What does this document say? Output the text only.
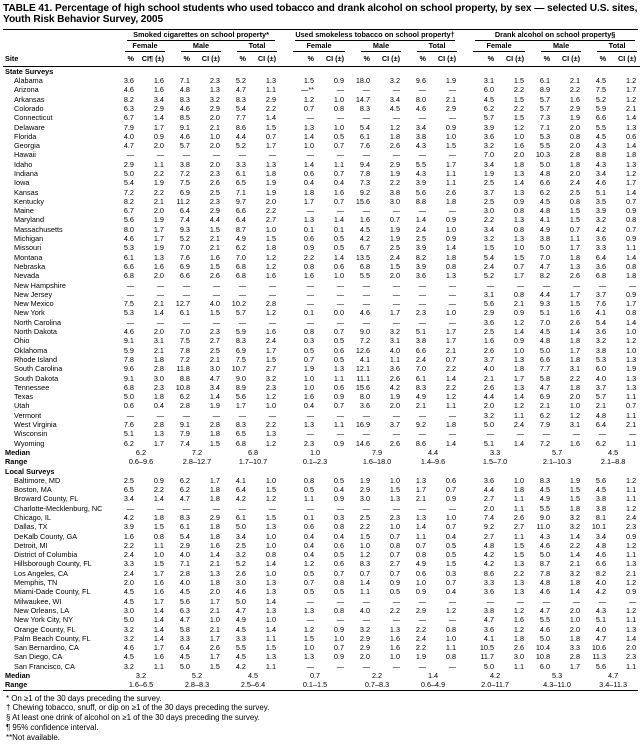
TABLE 41. Percentage of high school students who used tobacco and drank alcohol on school property, by sex — selected U.S. sites, Youth Risk Behavior Survey, 2005

	Smoked cigarettes on school property*						Used smokeless tobacco on school property†						Drank alcohol on school property§					

	Female		Male		Total		Female		Male		Total		Female		Male		Total	

Site	%	CI¶ (±)	%	CI (±)	%	CI (±)	%	CI (±)	%	CI (±)	%	CI (±)	%	CI (±)	%	CI (±)	%	CI (±)
State Surveys																		
Alabama	3.6	1.6	7.1	2.3	5.2	1.3	1.5	0.9	18.0	3.2	9.6	1.9	3.1	1.5	6.1	2.1	4.5	1.2
Arizona	4.6	1.6	4.8	1.3	4.7	1.1	—**	—	—	—	—	—	6.0	2.2	8.9	2.2	7.5	1.7
Arkansas	8.2	3.4	8.3	3.2	8.3	2.9	1.2	1.0	14.7	3.4	8.0	2.1	4.5	1.5	5.7	1.6	5.2	1.2
Colorado	6.3	2.9	4.6	2.9	5.4	2.2	0.7	0.8	8.3	4.5	4.6	2.9	6.2	2.2	5.7	2.9	5.9	2.1
Connecticut	6.7	1.4	8.5	2.0	7.7	1.4	—	—	—	—	—	—	5.7	1.5	7.3	1.9	6.6	1.4
Delaware	7.9	1.7	9.1	2.1	8.6	1.5	1.3	1.0	5.4	1.2	3.4	0.9	3.9	1.2	7.1	2.0	5.5	1.3
Florida	4.0	0.9	4.6	1.0	4.4	0.7	1.4	0.5	6.1	1.8	3.8	1.0	3.6	1.0	5.3	0.8	4.5	0.6
Georgia	4.7	2.0	5.7	2.0	5.2	1.7	1.0	0.7	7.6	2.6	4.3	1.5	3.2	1.6	5.5	2.0	4.3	1.4
Hawaii	—	—	—	—	—	—	—	—	—	—	—	—	7.0	2.0	10.3	2.8	8.8	1.8
Idaho	2.9	1.1	3.8	2.0	3.3	1.3	1.4	1.1	9.4	2.9	5.5	1.7	3.4	1.8	5.0	1.8	4.3	1.3
Indiana	5.0	2.2	7.2	2.3	6.1	1.8	0.6	0.7	7.8	1.9	4.3	1.1	1.9	1.3	4.8	2.0	3.4	1.2
Iowa	5.4	1.9	7.5	2.6	6.5	1.9	0.4	0.4	7.3	2.2	3.9	1.1	2.5	1.4	6.6	2.4	4.6	1.7
Kansas	7.2	2.2	6.9	2.5	7.1	1.9	1.8	1.6	9.2	3.8	5.6	2.6	3.7	1.3	6.2	2.5	5.1	1.4
Kentucky	8.2	2.1	11.2	2.3	9.7	2.0	1.7	0.7	15.6	3.0	8.8	1.8	2.5	0.9	4.5	0.8	3.5	0.7
Maine	6.7	2.0	6.4	2.9	6.6	2.2	—	—	—	—	—	—	3.0	0.8	4.8	1.5	3.9	0.9
Maryland	5.6	1.9	7.4	4.4	6.4	2.7	1.3	1.4	1.6	0.7	1.4	0.9	2.2	1.3	4.1	1.5	3.2	0.8
Massachusetts	8.0	1.7	9.3	1.5	8.7	1.0	0.1	0.1	4.5	1.9	2.4	1.0	3.4	0.8	4.9	0.7	4.2	0.7
Michigan	4.6	1.7	5.2	2.1	4.9	1.5	0.6	0.5	4.2	1.9	2.5	0.9	3.2	1.3	3.8	1.1	3.6	0.9
Missouri	5.3	1.9	7.0	2.1	6.2	1.8	0.9	0.5	6.7	2.5	3.9	1.4	1.5	1.0	5.0	1.7	3.3	1.1
Montana	6.1	1.3	7.6	1.6	7.0	1.2	2.2	1.4	13.5	2.4	8.2	1.8	5.4	1.5	7.0	1.8	6.4	1.4
Nebraska	6.6	1.6	6.9	1.5	6.8	1.2	0.8	0.6	6.8	1.5	3.9	0.8	2.4	0.7	4.7	1.3	3.6	0.8
Nevada	6.8	2.0	6.6	2.6	6.8	1.6	1.6	1.0	5.5	2.0	3.6	1.3	5.2	1.7	8.2	2.6	6.8	1.8
New Hampshire	—	—	—	—	—	—	—	—	—	—	—	—	—	—	—	—	—	—
New Jersey	—	—	—	—	—	—	—	—	—	—	—	—	3.1	0.8	4.4	1.7	3.7	0.9
New Mexico	7.5	2.1	12.7	4.0	10.2	2.8	—	—	—	—	—	—	5.6	2.1	9.3	1.5	7.6	1.7
New York	5.3	1.4	6.1	1.5	5.7	1.2	0.1	0.0	4.6	1.7	2.3	1.0	2.9	0.9	5.1	1.6	4.1	0.8
North Carolina	—	—	—	—	—	—	—	—	—	—	—	—	3.6	1.2	7.0	2.6	5.4	1.4
North Dakota	4.6	2.0	7.0	2.3	5.9	1.6	0.8	0.7	9.0	3.2	5.1	1.7	2.5	1.4	4.5	1.4	3.6	1.0
Ohio	9.1	3.1	7.5	2.7	8.3	2.4	0.3	0.5	7.2	3.1	3.8	1.7	1.6	0.9	4.8	1.8	3.2	1.2
Oklahoma	5.9	2.1	7.8	2.5	6.9	1.7	0.5	0.6	12.6	4.0	6.6	2.1	2.6	1.0	5.0	1.7	3.8	1.0
Rhode Island	7.8	1.8	7.2	2.1	7.5	1.5	0.7	0.5	4.1	1.1	2.4	0.7	3.7	1.3	6.6	1.8	5.3	1.3
South Carolina	9.6	2.8	11.8	3.0	10.7	2.7	1.9	1.3	12.1	3.6	7.0	2.2	4.0	1.8	7.7	3.1	6.0	1.9
South Dakota	9.1	3.0	8.8	4.7	9.0	3.2	1.0	1.1	11.1	2.6	6.1	1.4	2.1	1.7	5.8	2.2	4.0	1.3
Tennessee	6.8	2.3	10.8	3.4	8.9	2.3	1.0	0.6	15.6	4.2	8.3	2.2	2.6	1.3	4.7	1.8	3.7	1.3
Texas	5.0	1.8	6.2	1.4	5.6	1.2	1.6	0.9	8.0	1.9	4.9	1.2	4.4	1.4	6.9	2.0	5.7	1.1
Utah	0.6	0.4	2.8	1.9	1.7	1.0	0.4	0.7	3.6	2.0	2.1	1.1	2.0	1.2	2.1	1.0	2.1	0.7
Vermont	—	—	—	—	—	—	—	—	—	—	—	—	3.2	1.1	6.2	1.2	4.8	1.1
West Virginia	7.6	2.8	9.1	2.8	8.3	2.2	1.3	1.1	16.9	3.7	9.2	1.8	5.0	2.4	7.9	3.1	6.4	2.1
Wisconsin	5.1	1.3	7.9	1.8	6.5	1.3	—	—	—	—	—	—	—	—	—	—	—	—
Wyoming	6.2	1.7	7.4	1.5	6.8	1.2	2.3	0.9	14.6	2.6	8.6	1.4	5.1	1.4	7.2	1.6	6.2	1.1
Median	6.2		7.2		6.8		1.0		7.9		4.4		3.3		5.7		4.5	
Range	0.6–9.6		2.8–12.7		1.7–10.7		0.1–2.3		1.6–18.0		1.4–9.6		1.5–7.0		2.1–10.3		2.1–8.8	
Local Surveys																		
Baltimore, MD	2.5	0.9	6.2	1.7	4.1	1.0	0.8	0.5	1.9	1.0	1.3	0.6	3.6	1.0	8.3	1.9	5.6	1.2
Boston, MA	6.5	2.2	6.2	1.8	6.4	1.5	0.5	0.4	2.9	1.5	1.7	0.7	4.4	1.8	4.5	1.5	4.5	1.1
Broward County, FL	3.4	1.4	4.7	1.8	4.2	1.2	1.1	0.9	3.0	1.3	2.1	0.9	2.7	1.1	4.9	1.5	3.8	1.1
Charlotte-Mecklenburg, NC	—	—	—	—	—	—	—	—	—	—	—	—	2.0	1.1	5.5	1.8	3.8	1.2
Chicago, IL	4.2	1.8	8.3	2.9	6.1	1.5	0.1	0.3	2.5	2.3	1.3	1.0	7.4	2.6	9.0	3.2	8.1	2.4
Dallas, TX	3.9	1.5	6.1	1.8	5.0	1.3	0.6	0.8	2.2	1.0	1.4	0.7	9.2	2.7	11.0	3.2	10.1	2.3
DeKalb County, GA	1.6	0.8	5.4	1.8	3.4	1.0	0.4	0.4	1.5	0.7	1.1	0.4	2.7	1.1	4.3	1.4	3.4	0.9
Detroit, MI	2.2	1.1	2.9	1.6	2.5	1.0	0.4	0.6	1.0	0.8	0.7	0.5	4.8	1.5	4.6	2.2	4.8	1.2
District of Columbia	2.4	1.0	4.0	1.4	3.2	0.8	0.4	0.5	1.2	0.7	0.8	0.5	4.2	1.5	5.0	1.4	4.6	1.1
Hillsborough County, FL	3.3	1.5	7.1	2.1	5.2	1.4	1.2	0.6	8.3	2.7	4.9	1.5	4.2	1.3	8.7	2.1	6.6	1.3
Los Angeles, CA	2.4	1.7	2.8	1.3	2.6	1.0	0.5	0.7	0.7	0.7	0.6	0.3	8.6	2.2	7.8	3.2	8.2	2.1
Memphis, TN	2.0	1.6	4.0	1.8	3.0	1.3	0.7	0.8	1.4	0.9	1.0	0.7	3.3	1.3	4.8	1.8	4.0	1.2
Miami-Dade County, FL	4.5	1.6	4.5	2.0	4.6	1.3	0.5	0.5	1.1	0.5	0.9	0.4	3.6	1.3	4.6	1.4	4.2	0.9
Milwaukee, WI	4.5	1.7	5.6	1.7	5.0	1.4	—	—	—	—	—	—	—	—	—	—	—	—
New Orleans, LA	3.0	1.4	6.3	2.1	4.7	1.3	1.3	0.8	4.0	2.2	2.9	1.2	3.8	1.2	4.7	2.0	4.3	1.2
New York City, NY	5.0	1.4	4.7	1.0	4.9	1.0	—	—	—	—	—	—	4.7	1.6	5.5	1.0	5.1	1.1
Orange County, FL	3.2	1.4	5.8	2.1	4.5	1.4	1.2	0.9	3.2	1.3	2.2	0.8	3.6	1.2	4.6	2.0	4.0	1.3
Palm Beach County, FL	3.2	1.4	3.3	1.7	3.3	1.1	1.5	1.0	2.9	1.6	2.4	1.0	4.1	1.8	5.0	1.8	4.7	1.4
San Bernardino, CA	4.6	1.7	6.4	2.6	5.5	1.5	1.0	0.7	2.9	1.6	2.2	1.1	10.5	2.6	10.4	3.3	10.6	2.0
San Diego, CA	4.5	1.6	4.5	1.7	4.5	1.3	1.3	0.9	2.0	1.0	1.9	0.8	11.7	3.0	10.8	2.8	11.3	2.3
San Francisco, CA	3.2	1.1	5.0	1.5	4.2	1.1	—	—	—	—	—	—	5.0	1.1	6.0	1.7	5.6	1.1
Median	3.2		5.2		4.5		0.7		2.2		1.4		4.2		5.3		4.7	
Range	1.6–6.5		2.8–8.3		2.5–6.4		0.1–1.5		0.7–8.3		0.6–4.9		2.0–11.7		4.3–11.0		3.4–11.3	
* On ≥1 of the 30 days preceding the survey.
† Chewing tobacco, snuff, or dip on ≥1 of the 30 days preceding the survey.
§ At least one drink of alcohol on ≥1 of the 30 days preceding the survey.
¶ 95% confidence interval.
**Not available.
